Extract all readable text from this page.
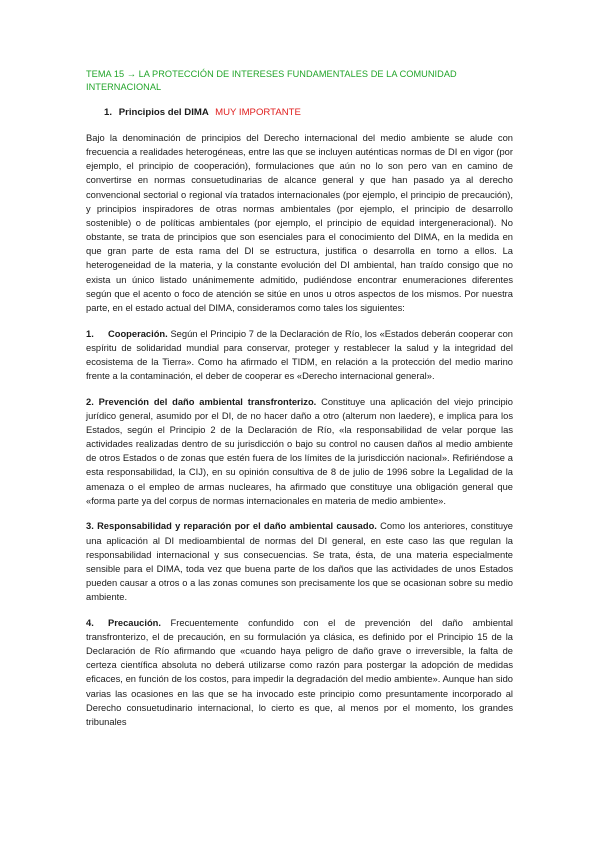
TEMA 15 → LA PROTECCIÓN DE INTERESES FUNDAMENTALES DE LA COMUNIDAD INTERNACIONAL
1. Principios del DIMA MUY IMPORTANTE

Bajo la denominación de principios del Derecho internacional del medio ambiente se alude con frecuencia a realidades heterogéneas, entre las que se incluyen auténticas normas de DI en vigor (por ejemplo, el principio de cooperación), formulaciones que aún no lo son pero van en camino de convertirse en normas consuetudinarias de alcance general y que han pasado ya al derecho convencional sectorial o regional vía tratados internacionales (por ejemplo, el principio de precaución), y principios inspiradores de otras normas ambientales (por ejemplo, el principio de desarrollo sostenible) o de políticas ambientales (por ejemplo, el principio de equidad intergeneracional). No obstante, se trata de principios que son esenciales para el conocimiento del DIMA, en la medida en que gran parte de esta rama del DI se estructura, justifica o desarrolla en torno a ellos. La heterogeneidad de la materia, y la constante evolución del DI ambiental, han traído consigo que no exista un único listado unánimemente admitido, pudiéndose encontrar enumeraciones diferentes según que el acento o foco de atención se sitúe en unos u otros aspectos de los mismos. Por nuestra parte, en el estado actual del DIMA, consideramos como tales los siguientes:

1. Cooperación. Según el Principio 7 de la Declaración de Río, los «Estados deberán cooperar con espíritu de solidaridad mundial para conservar, proteger y restablecer la salud y la integridad del ecosistema de la Tierra». Como ha afirmado el TIDM, en relación a la protección del medio marino frente a la contaminación, el deber de cooperar es «Derecho internacional general».

2. Prevención del daño ambiental transfronterizo. Constituye una aplicación del viejo principio jurídico general, asumido por el DI, de no hacer daño a otro (alterum non laedere), e implica para los Estados, según el Principio 2 de la Declaración de Río, «la responsabilidad de velar porque las actividades realizadas dentro de su jurisdicción o bajo su control no causen daños al medio ambiente de otros Estados o de zonas que estén fuera de los límites de la jurisdicción nacional». Refiriéndose a esta responsabilidad, la CIJ), en su opinión consultiva de 8 de julio de 1996 sobre la Legalidad de la amenaza o el empleo de armas nucleares, ha afirmado que constituye una obligación general que «forma parte ya del corpus de normas internacionales en materia de medio ambiente».

3. Responsabilidad y reparación por el daño ambiental causado. Como los anteriores, constituye una aplicación al DI medioambiental de normas del DI general, en este caso las que regulan la responsabilidad internacional y sus consecuencias. Se trata, ésta, de una materia especialmente sensible para el DIMA, toda vez que buena parte de los daños que las actividades de unos Estados pueden causar a otros o a las zonas comunes son precisamente los que se ocasionan sobre su medio ambiente.

4. Precaución. Frecuentemente confundido con el de prevención del daño ambiental transfronterizo, el de precaución, en su formulación ya clásica, es definido por el Principio 15 de la Declaración de Río afirmando que «cuando haya peligro de daño grave o irreversible, la falta de certeza científica absoluta no deberá utilizarse como razón para postergar la adopción de medidas eficaces, en función de los costos, para impedir la degradación del medio ambiente». Aunque han sido varias las ocasiones en las que se ha invocado este principio como presuntamente incorporado al Derecho consuetudinario internacional, lo cierto es que, al menos por el momento, los grandes tribunales
